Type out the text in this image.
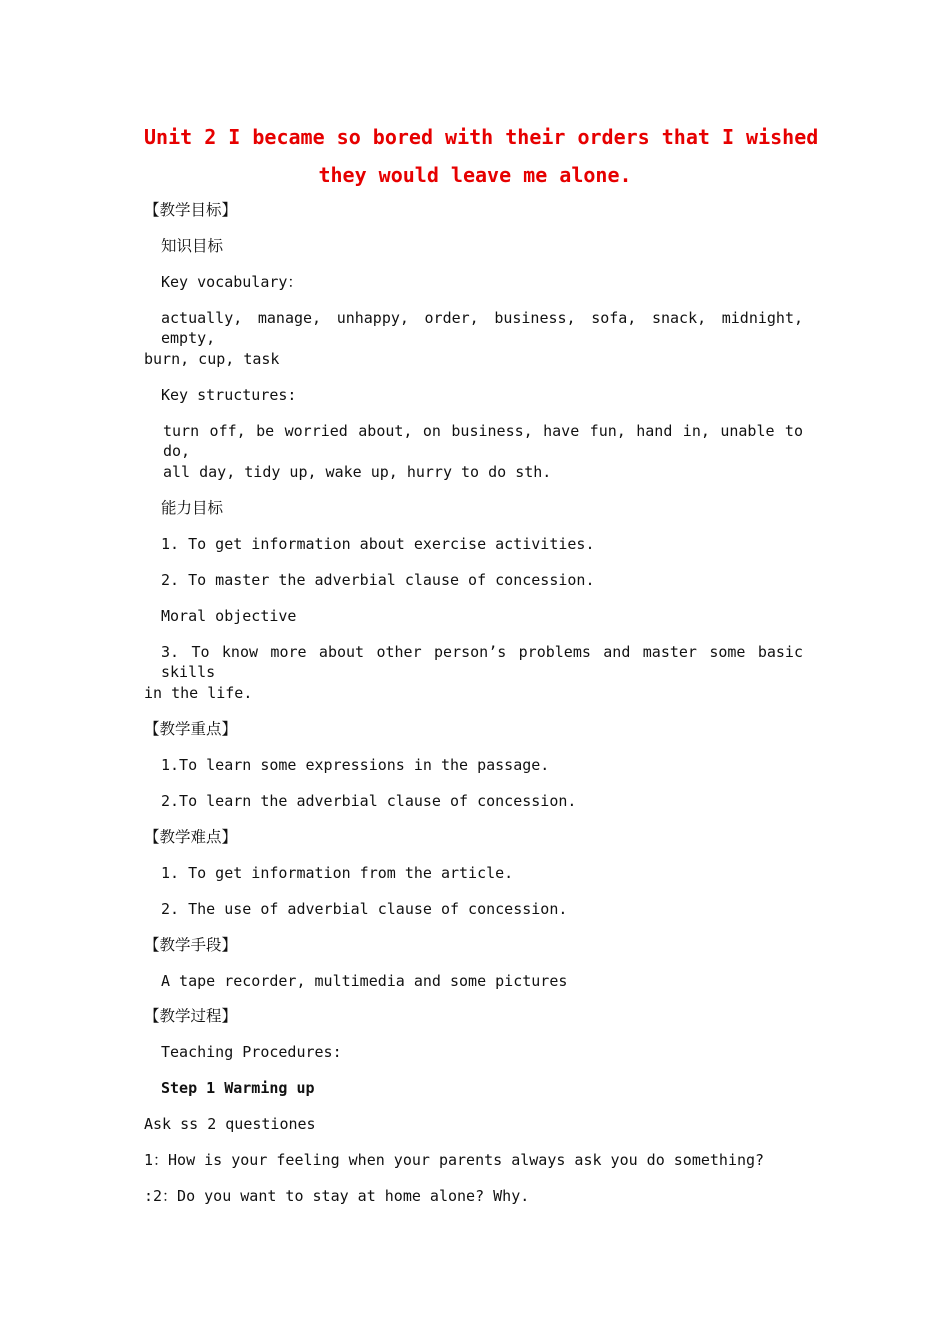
Unit 2 I became so bored with their orders that I wished
they would leave me alone.
【教学目标】
知识目标
Key vocabulary：
actually, manage, unhappy, order, business, sofa, snack, midnight, empty,
burn, cup, task
Key structures:
turn off, be worried about, on business, have fun, hand in, unable to do,
all day, tidy up, wake up, hurry to do sth.
能力目标
1. To get information about exercise activities.
2. To master the adverbial clause of concession.
Moral objective
3. To know more about other person’s problems and master some basic skills
in the life.
【教学重点】
1.To learn some expressions in the passage.
2.To learn the adverbial clause of concession.
【教学难点】
1. To get information from the article.
2. The use of adverbial clause of concession.
【教学手段】
A tape recorder, multimedia and some pictures
【教学过程】
Teaching Procedures:
Step 1 Warming up
Ask ss 2 questiones
1：How is your feeling when your parents always ask you do something?
:2：Do you want to stay at home alone? Why.
